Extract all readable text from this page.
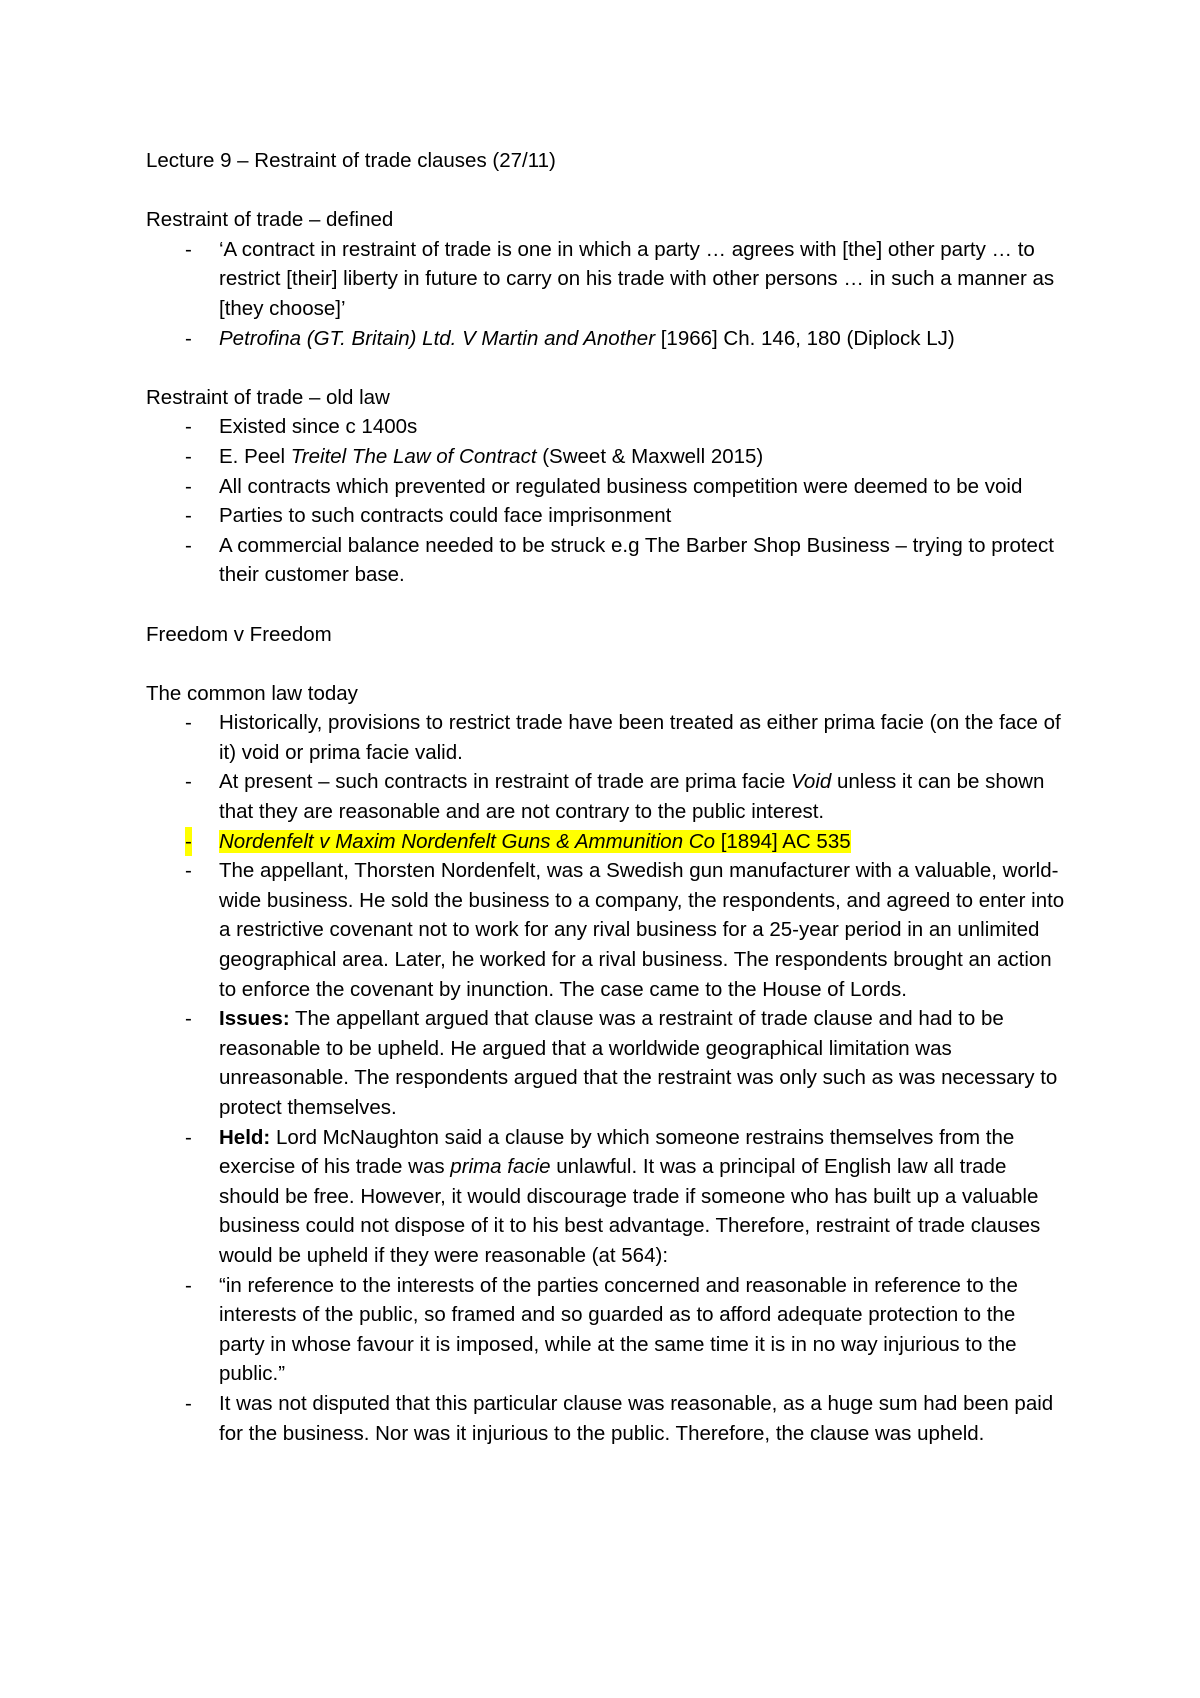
Lecture 9 – Restraint of trade clauses (27/11)

Restraint of trade – defined

- ‘A contract in restraint of trade is one in which a party … agrees with [the] other party … to restrict [their] liberty in future to carry on his trade with other persons … in such a manner as [they choose]’
- Petrofina (GT. Britain) Ltd. V Martin and Another [1966] Ch. 146, 180 (Diplock LJ)

Restraint of trade – old law

- Existed since c 1400s
- E. Peel Treitel The Law of Contract (Sweet & Maxwell 2015)
- All contracts which prevented or regulated business competition were deemed to be void
- Parties to such contracts could face imprisonment
- A commercial balance needed to be struck e.g The Barber Shop Business – trying to protect their customer base.

Freedom v Freedom

The common law today

- Historically, provisions to restrict trade have been treated as either prima facie (on the face of it) void or prima facie valid.
- At present – such contracts in restraint of trade are prima facie Void unless it can be shown that they are reasonable and are not contrary to the public interest.
- Nordenfelt v Maxim Nordenfelt Guns & Ammunition Co [1894] AC 535
- The appellant, Thorsten Nordenfelt, was a Swedish gun manufacturer with a valuable, world-wide business. He sold the business to a company, the respondents, and agreed to enter into a restrictive covenant not to work for any rival business for a 25-year period in an unlimited geographical area. Later, he worked for a rival business. The respondents brought an action to enforce the covenant by inunction. The case came to the House of Lords.
- Issues: The appellant argued that clause was a restraint of trade clause and had to be reasonable to be upheld. He argued that a worldwide geographical limitation was unreasonable. The respondents argued that the restraint was only such as was necessary to protect themselves.
- Held: Lord McNaughton said a clause by which someone restrains themselves from the exercise of his trade was prima facie unlawful. It was a principal of English law all trade should be free. However, it would discourage trade if someone who has built up a valuable business could not dispose of it to his best advantage. Therefore, restraint of trade clauses would be upheld if they were reasonable (at 564):
- “in reference to the interests of the parties concerned and reasonable in reference to the interests of the public, so framed and so guarded as to afford adequate protection to the party in whose favour it is imposed, while at the same time it is in no way injurious to the public.”
- It was not disputed that this particular clause was reasonable, as a huge sum had been paid for the business. Nor was it injurious to the public. Therefore, the clause was upheld.
